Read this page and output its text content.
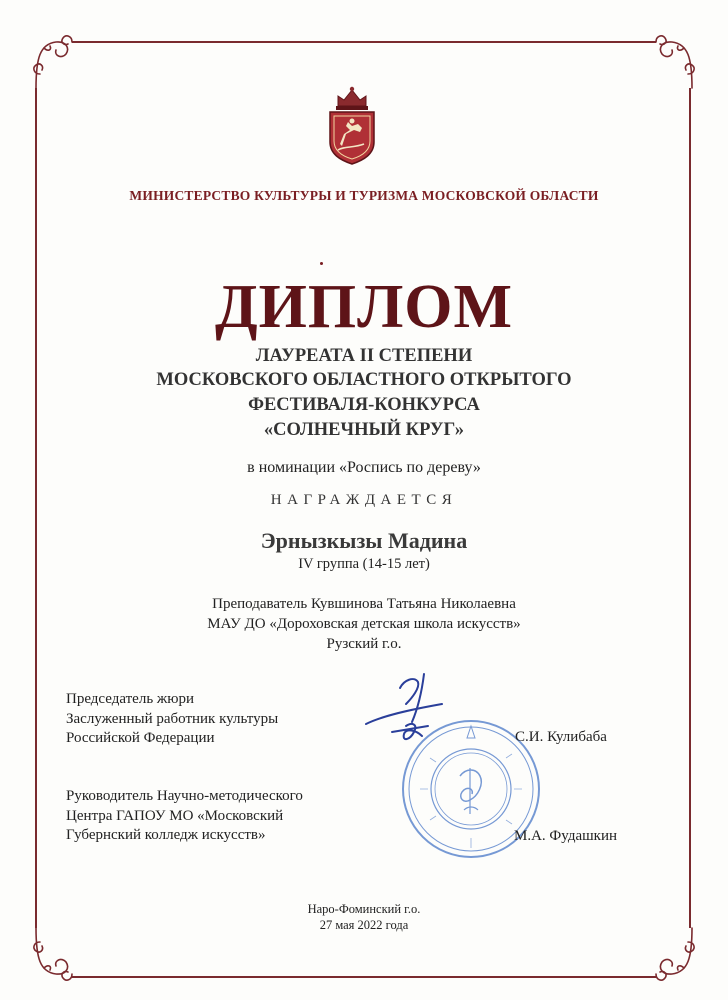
МИНИСТЕРСТВО КУЛЬТУРЫ И ТУРИЗМА МОСКОВСКОЙ ОБЛАСТИ
ДИПЛОМ
ЛАУРЕАТА II СТЕПЕНИ
МОСКОВСКОГО ОБЛАСТНОГО ОТКРЫТОГО
ФЕСТИВАЛЯ-КОНКУРСА
«СОЛНЕЧНЫЙ КРУГ»
в номинации «Роспись по дереву»
НАГРАЖДАЕТСЯ
Эрнызкызы Мадина
IV группа (14-15 лет)
Преподаватель Кувшинова Татьяна Николаевна
МАУ ДО «Дороховская детская школа искусств»
Рузский г.о.
Председатель жюри
Заслуженный работник культуры
Российской Федерации	С.И. Кулибаба
Руководитель Научно-методического
Центра ГАПОУ МО «Московский
Губернский колледж искусств»	М.А. Фудашкин
Наро-Фоминский г.о.
27 мая 2022 года
